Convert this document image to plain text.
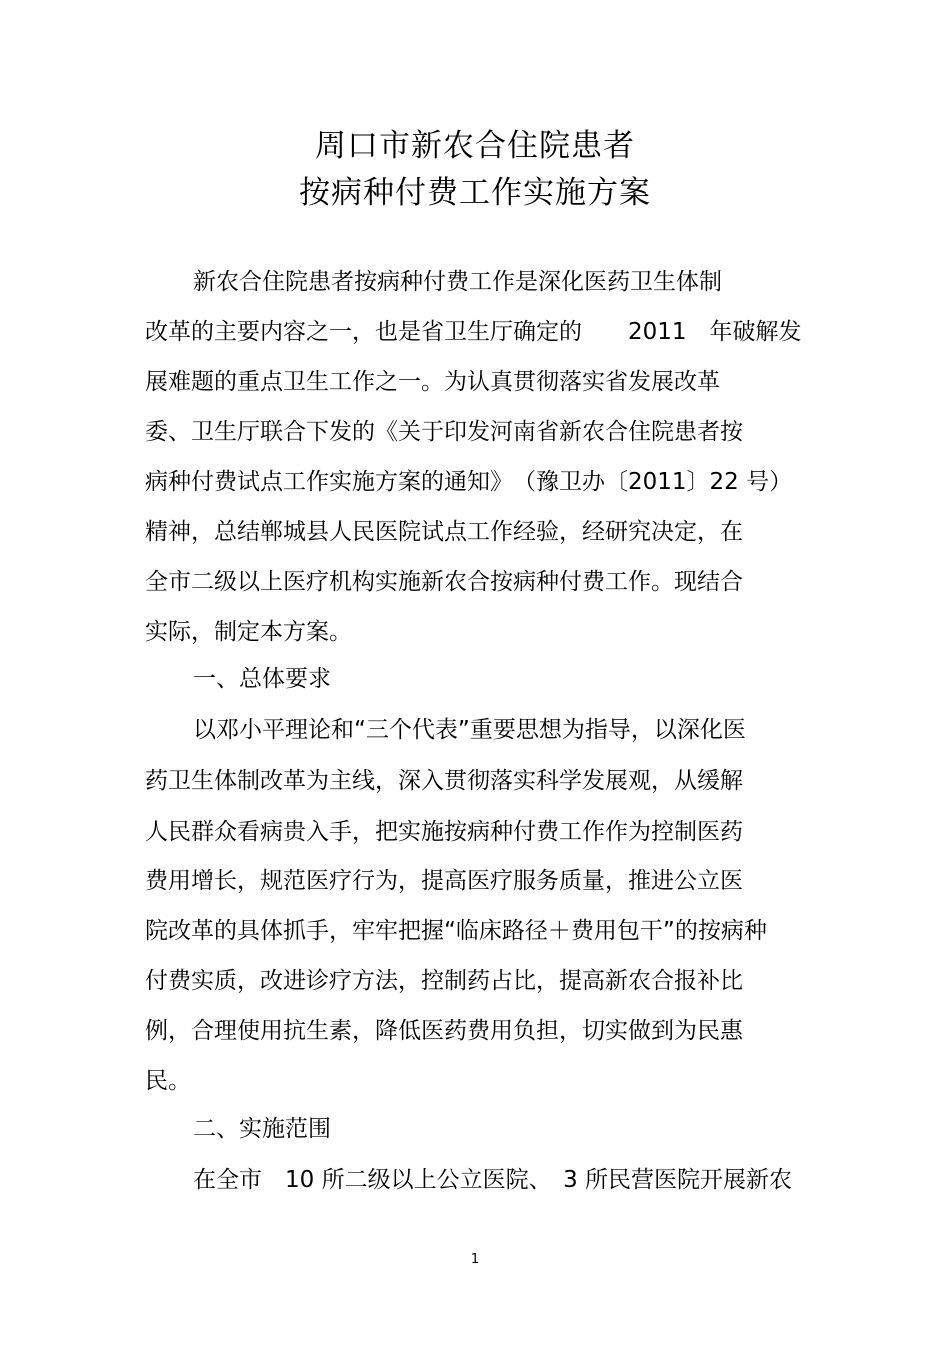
周口市新农合住院患者
按病种付费工作实施方案
新农合住院患者按病种付费工作是深化医药卫生体制
改革的主要内容之一，也是省卫生厅确定的　　2011　年破解发
展难题的重点卫生工作之一。为认真贯彻落实省发展改革
委、卫生厅联合下发的《关于印发河南省新农合住院患者按
病种付费试点工作实施方案的通知》　（豫卫办〔2011〕22 号）
精神，总结郸城县人民医院试点工作经验，经研究决定，在
全市二级以上医疗机构实施新农合按病种付费工作。现结合
实际，制定本方案。
一、总体要求
以邓小平理论和“三个代表”重要思想为指导，以深化医
药卫生体制改革为主线，深入贯彻落实科学发展观，从缓解
人民群众看病贵入手，把实施按病种付费工作作为控制医药
费用增长，规范医疗行为，提高医疗服务质量，推进公立医
院改革的具体抓手，牢牢把握“临床路径＋费用包干”的按病种
付费实质，改进诊疗方法，控制药占比，提高新农合报补比
例，合理使用抗生素，降低医药费用负担，切实做到为民惠
民。
二、实施范围
在全市　10 所二级以上公立医院、　3 所民营医院开展新农
1
